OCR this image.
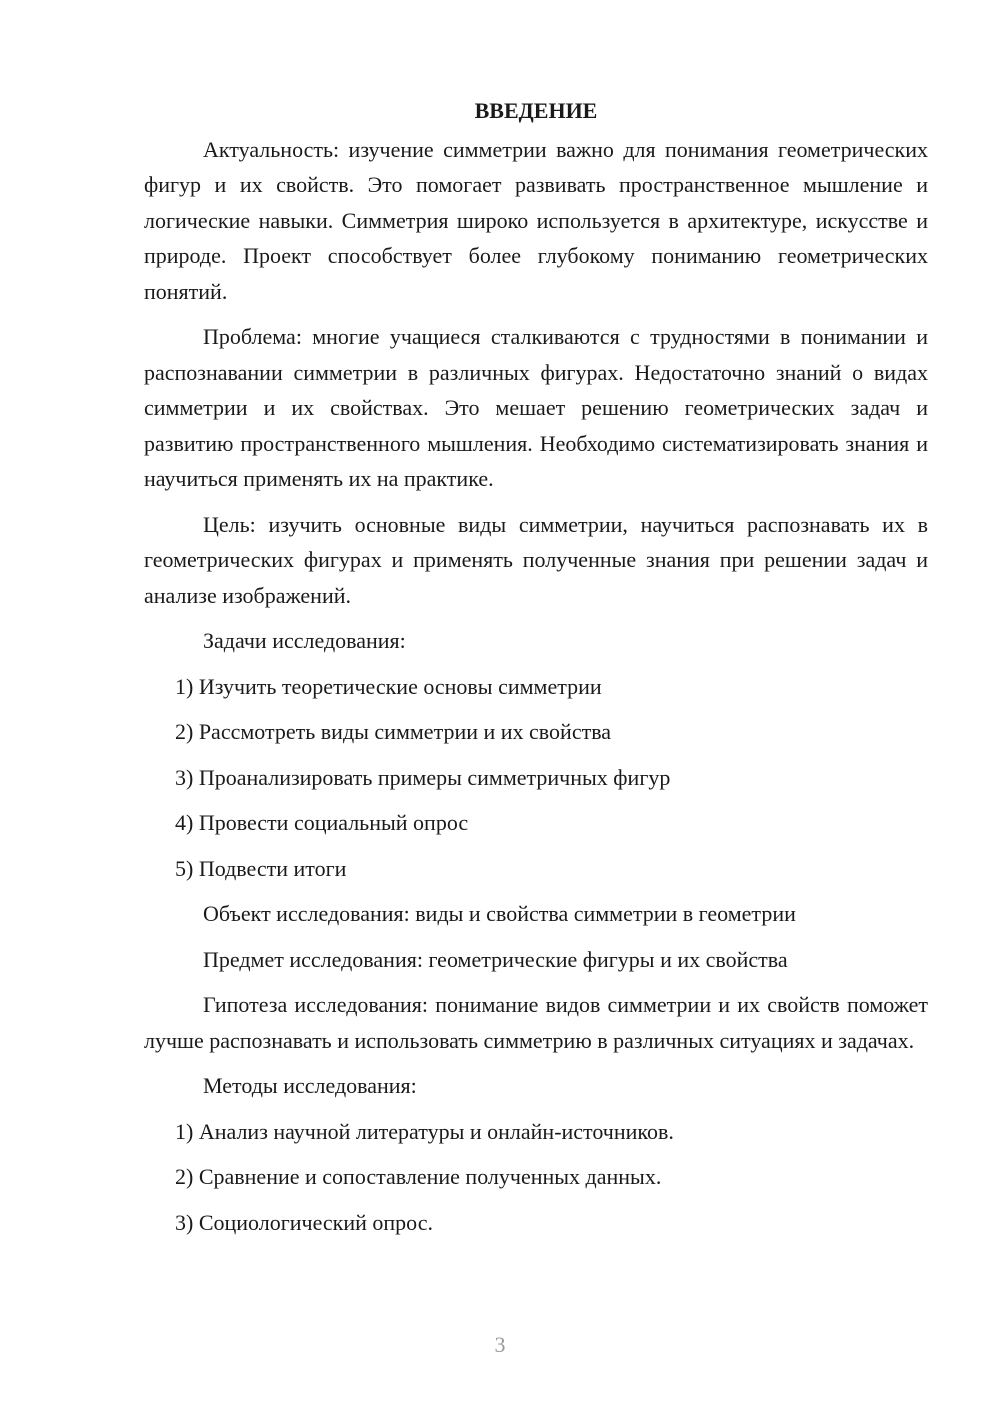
ВВЕДЕНИЕ

Актуальность: изучение симметрии важно для понимания геометрических фигур и их свойств. Это помогает развивать пространственное мышление и логические навыки. Симметрия широко используется в архитектуре, искусстве и природе. Проект способствует более глубокому пониманию геометрических понятий.

Проблема: многие учащиеся сталкиваются с трудностями в понимании и распознавании симметрии в различных фигурах. Недостаточно знаний о видах симметрии и их свойствах. Это мешает решению геометрических задач и развитию пространственного мышления. Необходимо систематизировать знания и научиться применять их на практике.

Цель: изучить основные виды симметрии, научиться распознавать их в геометрических фигурах и применять полученные знания при решении задач и анализе изображений.

Задачи исследования:

1) Изучить теоретические основы симметрии

2) Рассмотреть виды симметрии и их свойства

3) Проанализировать примеры симметричных фигур

4) Провести социальный опрос

5) Подвести итоги

Объект исследования: виды и свойства симметрии в геометрии

Предмет исследования: геометрические фигуры и их свойства

Гипотеза исследования: понимание видов симметрии и их свойств поможет лучше распознавать и использовать симметрию в различных ситуациях и задачах.

Методы исследования:

1) Анализ научной литературы и онлайн-источников.

2) Сравнение и сопоставление полученных данных.

3) Социологический опрос.

3
